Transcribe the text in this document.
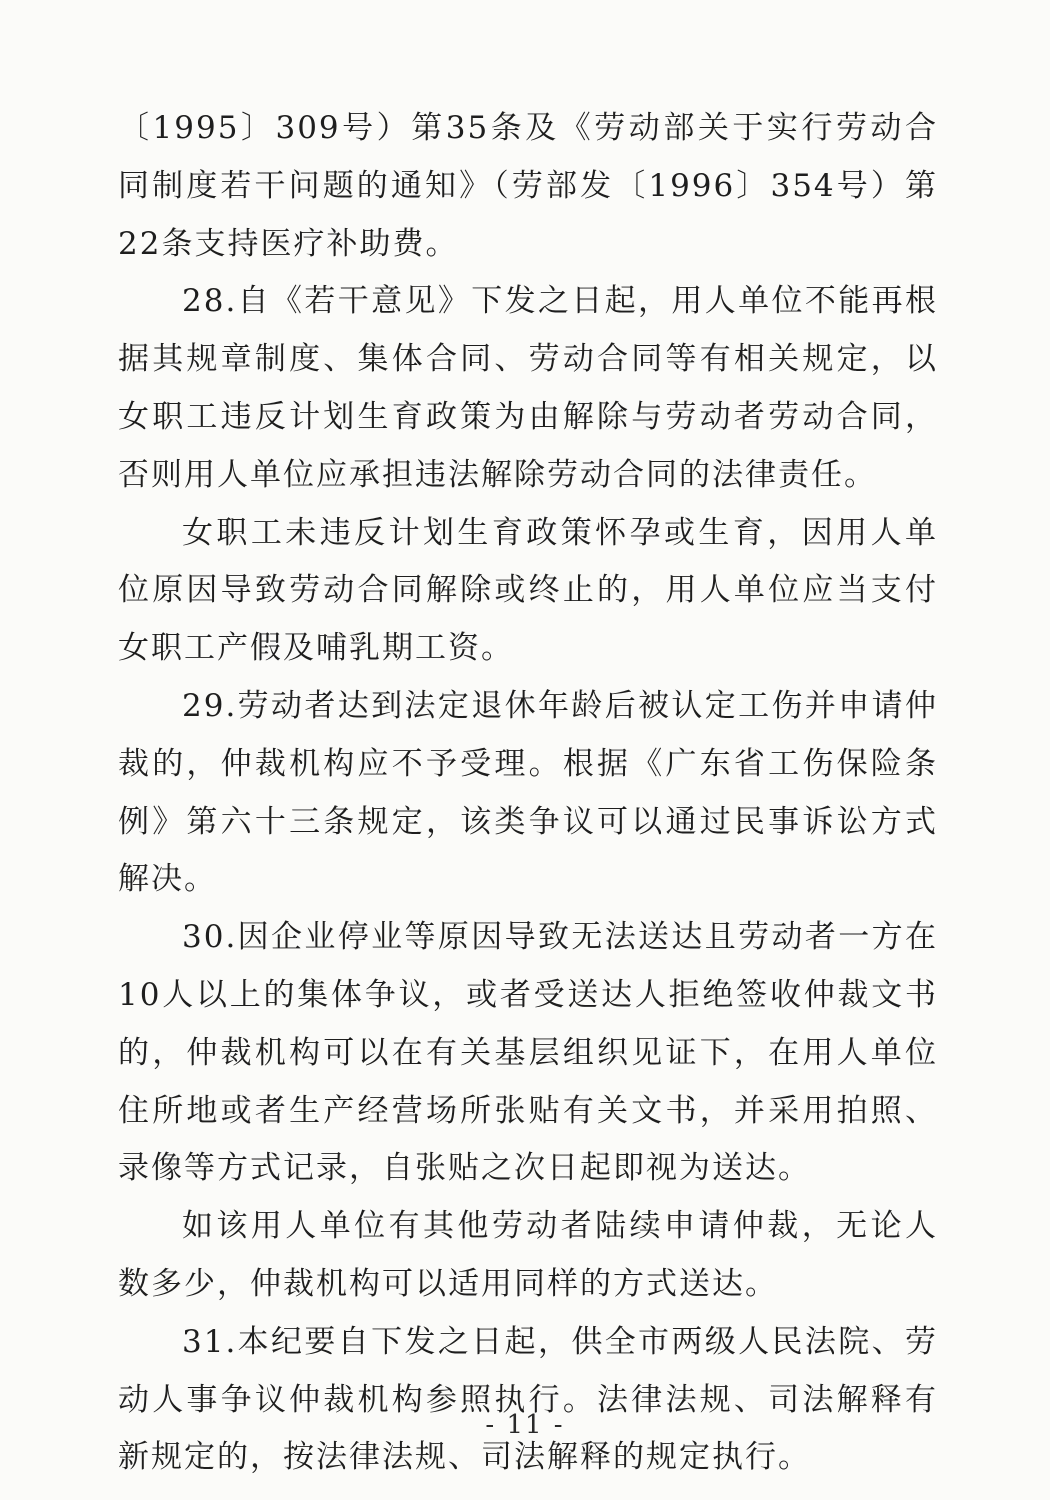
〔1995〕309号）第35条及《劳动部关于实行劳动合同制度若干问题的通知》（劳部发〔1996〕354号）第22条支持医疗补助费。

28.自《若干意见》下发之日起，用人单位不能再根据其规章制度、集体合同、劳动合同等有相关规定，以女职工违反计划生育政策为由解除与劳动者劳动合同，否则用人单位应承担违法解除劳动合同的法律责任。

女职工未违反计划生育政策怀孕或生育，因用人单位原因导致劳动合同解除或终止的，用人单位应当支付女职工产假及哺乳期工资。

29.劳动者达到法定退休年龄后被认定工伤并申请仲裁的，仲裁机构应不予受理。根据《广东省工伤保险条例》第六十三条规定，该类争议可以通过民事诉讼方式解决。

30.因企业停业等原因导致无法送达且劳动者一方在10人以上的集体争议，或者受送达人拒绝签收仲裁文书的，仲裁机构可以在有关基层组织见证下，在用人单位住所地或者生产经营场所张贴有关文书，并采用拍照、录像等方式记录，自张贴之次日起即视为送达。

如该用人单位有其他劳动者陆续申请仲裁，无论人数多少，仲裁机构可以适用同样的方式送达。

31.本纪要自下发之日起，供全市两级人民法院、劳动人事争议仲裁机构参照执行。法律法规、司法解释有新规定的，按法律法规、司法解释的规定执行。

- 11 -
